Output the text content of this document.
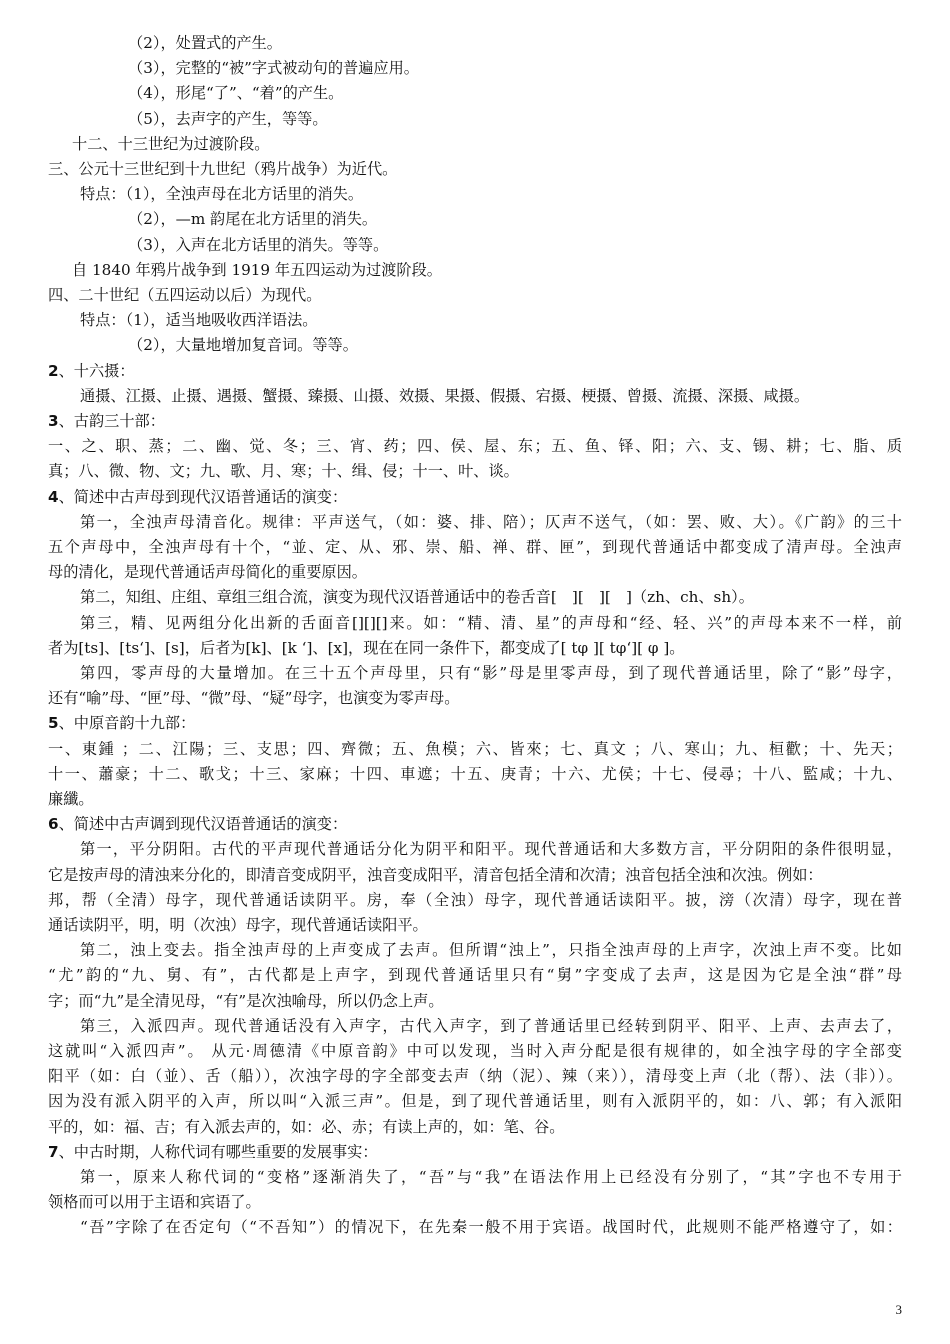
（2），处置式的产生。
（3），完整的“被”字式被动句的普遍应用。
（4），形尾“了”、“着”的产生。
（5），去声字的产生，等等。
十二、十三世纪为过渡阶段。
三、公元十三世纪到十九世纪（鸦片战争）为近代。
特点：（1），全浊声母在北方话里的消失。
（2），—m 韵尾在北方话里的消失。
（3），入声在北方话里的消失。等等。
自 1840 年鸦片战争到 1919 年五四运动为过渡阶段。
四、二十世纪（五四运动以后）为现代。
特点：（1），适当地吸收西洋语法。
（2），大量地增加复音词。等等。
2、十六摄：
通摄、江摄、止摄、遇摄、蟹摄、臻摄、山摄、效摄、果摄、假摄、宕摄、梗摄、曾摄、流摄、深摄、咸摄。
3、古韵三十部：
一、之、职、蒸；二、幽、觉、冬；三、宵、药；四、侯、屋、东；五、鱼、铎、阳；六、支、锡、耕；七、脂、质
真；八、微、物、文；九、歌、月、寒；十、缉、侵；十一、叶、谈。
4、简述中古声母到现代汉语普通话的演变：
第一，全浊声母清音化。规律：平声送气，（如：婆、排、陪）；仄声不送气，（如：罢、败、大）。《广韵》的三十
五个声母中，全浊声母有十个，“並、定、从、邪、崇、船、禅、群、匣”，到现代普通话中都变成了清声母。全浊声
母的清化，是现代普通话声母简化的重要原因。
第二，知组、庄组、章组三组合流，演变为现代汉语普通话中的卷舌音[　][　][　]（zh、ch、sh）。
第三，精、见两组分化出新的舌面音[][][]来。如：“精、清、星”的声母和“经、轻、兴”的声母本来不一样，前
者为[ts]、[ts‘]、[s]，后者为[k]、[k ‘]、[x]，现在在同一条件下，都变成了[ tφ ][ tφ‘][ φ ]。
第四，零声母的大量增加。在三十五个声母里，只有“影”母是里零声母，到了现代普通话里，除了“影”母字，
还有“喻”母、“匣”母、“微”母、“疑”母字，也演变为零声母。
5、中原音韵十九部：
一、東鍾 ；二、江陽；三、支思；四、齊微；五、魚模；六、皆來；七、真文 ；八、寒山；九、桓歡；十、先天；
十一、蕭豪；十二、歌戈；十三、家麻；十四、車遮；十五、庚青；十六、尤侯；十七、侵尋；十八、監咸；十九、
廉纖。
6、简述中古声调到现代汉语普通话的演变：
第一，平分阴阳。古代的平声现代普通话分化为阴平和阳平。现代普通话和大多数方言，平分阴阳的条件很明显，
它是按声母的清浊来分化的，即清音变成阴平，浊音变成阳平，清音包括全清和次清；浊音包括全浊和次浊。例如：
邦，帮（全清）母字，现代普通话读阴平。房，奉（全浊）母字，现代普通话读阳平。披，滂（次清）母字，现在普
通话读阴平，明，明（次浊）母字，现代普通话读阳平。
第二，浊上变去。指全浊声母的上声变成了去声。但所谓“浊上”，只指全浊声母的上声字，次浊上声不变。比如
“尤”韵的“九、舅、有”，古代都是上声字，到现代普通话里只有“舅”字变成了去声，这是因为它是全浊“群”母
字；而“九”是全清见母，“有”是次浊喻母，所以仍念上声。
第三，入派四声。现代普通话没有入声字，古代入声字，到了普通话里已经转到阴平、阳平、上声、去声去了，
这就叫“入派四声”。 从元·周德清《中原音韵》中可以发现，当时入声分配是很有规律的，如全浊字母的字全部变
阳平（如：白（並）、舌（船）），次浊字母的字全部变去声（纳（泥）、辣（来）），清母变上声（北（帮）、法（非））。
因为没有派入阴平的入声，所以叫“入派三声”。但是，到了现代普通话里，则有入派阴平的，如：八、郭；有入派阳
平的，如：福、吉；有入派去声的，如：必、赤；有读上声的，如：笔、谷。
7、中古时期，人称代词有哪些重要的发展事实：
第一，原来人称代词的“变格”逐渐消失了，“吾”与“我”在语法作用上已经没有分别了，“其”字也不专用于
领格而可以用于主语和宾语了。
“吾”字除了在否定句（“不吾知”）的情况下，在先秦一般不用于宾语。战国时代，此规则不能严格遵守了，如：
3
